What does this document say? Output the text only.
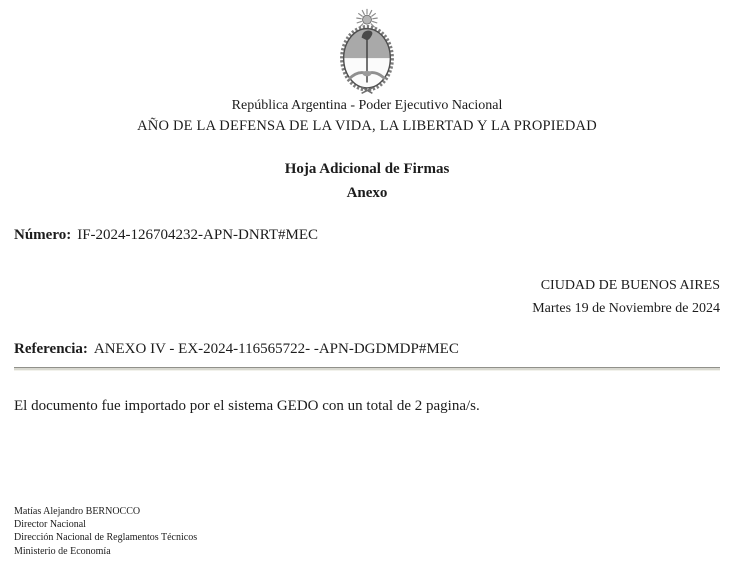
República Argentina - Poder Ejecutivo Nacional
AÑO DE LA DEFENSA DE LA VIDA, LA LIBERTAD Y LA PROPIEDAD
Hoja Adicional de Firmas
Anexo

Número: IF-2024-126704232-APN-DNRT#MEC

CIUDAD DE BUENOS AIRES
Martes 19 de Noviembre de 2024

Referencia: ANEXO IV - EX-2024-116565722- -APN-DGDMDP#MEC

El documento fue importado por el sistema GEDO con un total de 2 pagina/s.

Matías Alejandro BERNOCCO
Director Nacional
Dirección Nacional de Reglamentos Técnicos
Ministerio de Economía
